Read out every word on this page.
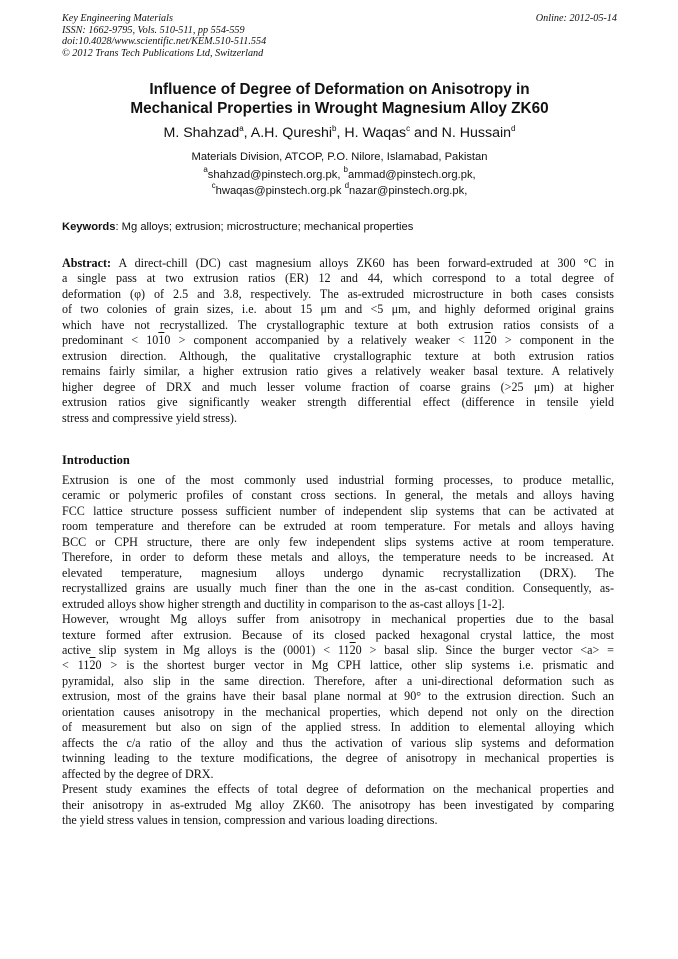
Key Engineering Materials
ISSN: 1662-9795, Vols. 510-511, pp 554-559
doi:10.4028/www.scientific.net/KEM.510-511.554
© 2012 Trans Tech Publications Ltd, Switzerland
Online: 2012-05-14
Influence of Degree of Deformation on Anisotropy in
Mechanical Properties in Wrought Magnesium Alloy ZK60
M. Shahzad$^a$, A.H. Qureshi$^b$, H. Waqas$^c$ and N. Hussain$^d$
Materials Division, ATCOP, P.O. Nilore, Islamabad, Pakistan
$^a$shahzad@pinstech.org.pk, $^b$ammad@pinstech.org.pk,
$^c$hwaqas@pinstech.org.pk $^d$nazar@pinstech.org.pk,
Keywords: Mg alloys; extrusion; microstructure; mechanical properties
Abstract: A direct-chill (DC) cast magnesium alloys ZK60 has been forward-extruded at 300 °C in
a single pass at two extrusion ratios (ER) 12 and 44, which correspond to a total degree of
deformation (φ) of 2.5 and 3.8, respectively. The as-extruded microstructure in both cases consists
of two colonies of grain sizes, i.e. about 15 μm and <5 μm, and highly deformed original grains
which have not recrystallized. The crystallographic texture at both extrusion ratios consists of a
predominant < 1010 > component accompanied by a relatively weaker < 1120 > component in the
extrusion direction. Although, the qualitative crystallographic texture at both extrusion ratios
remains fairly similar, a higher extrusion ratio gives a relatively weaker basal texture. A relatively
higher degree of DRX and much lesser volume fraction of coarse grains (>25 μm) at higher
extrusion ratios give significantly weaker strength differential effect (difference in tensile yield
stress and compressive yield stress).
Introduction

Extrusion is one of the most commonly used industrial forming processes, to produce metallic,
ceramic or polymeric profiles of constant cross sections. In general, the metals and alloys having
FCC lattice structure possess sufficient number of independent slip systems that can be activated at
room temperature and therefore can be extruded at room temperature. For metals and alloys having
BCC or CPH structure, there are only few independent slips systems active at room temperature.
Therefore, in order to deform these metals and alloys, the temperature needs to be increased. At
elevated temperature, magnesium alloys undergo dynamic recrystallization (DRX). The
recrystallized grains are usually much finer than the one in the as-cast condition. Consequently, as-
extruded alloys show higher strength and ductility in comparison to the as-cast alloys [1-2].

However, wrought Mg alloys suffer from anisotropy in mechanical properties due to the basal
texture formed after extrusion. Because of its closed packed hexagonal crystal lattice, the most
active slip system in Mg alloys is the (0001) < 1120 > basal slip. Since the burger vector <a> =
< 1120 > is the shortest burger vector in Mg CPH lattice, other slip systems i.e. prismatic and
pyramidal, also slip in the same direction. Therefore, after a uni-directional deformation such as
extrusion, most of the grains have their basal plane normal at 90° to the extrusion direction. Such an
orientation causes anisotropy in the mechanical properties, which depend not only on the direction
of measurement but also on sign of the applied stress. In addition to elemental alloying which
affects the c/a ratio of the alloy and thus the activation of various slip systems and deformation
twinning leading to the texture modifications, the degree of anisotropy in mechanical properties is
affected by the degree of DRX.

Present study examines the effects of total degree of deformation on the mechanical properties and
their anisotropy in as-extruded Mg alloy ZK60. The anisotropy has been investigated by comparing
the yield stress values in tension, compression and various loading directions.
